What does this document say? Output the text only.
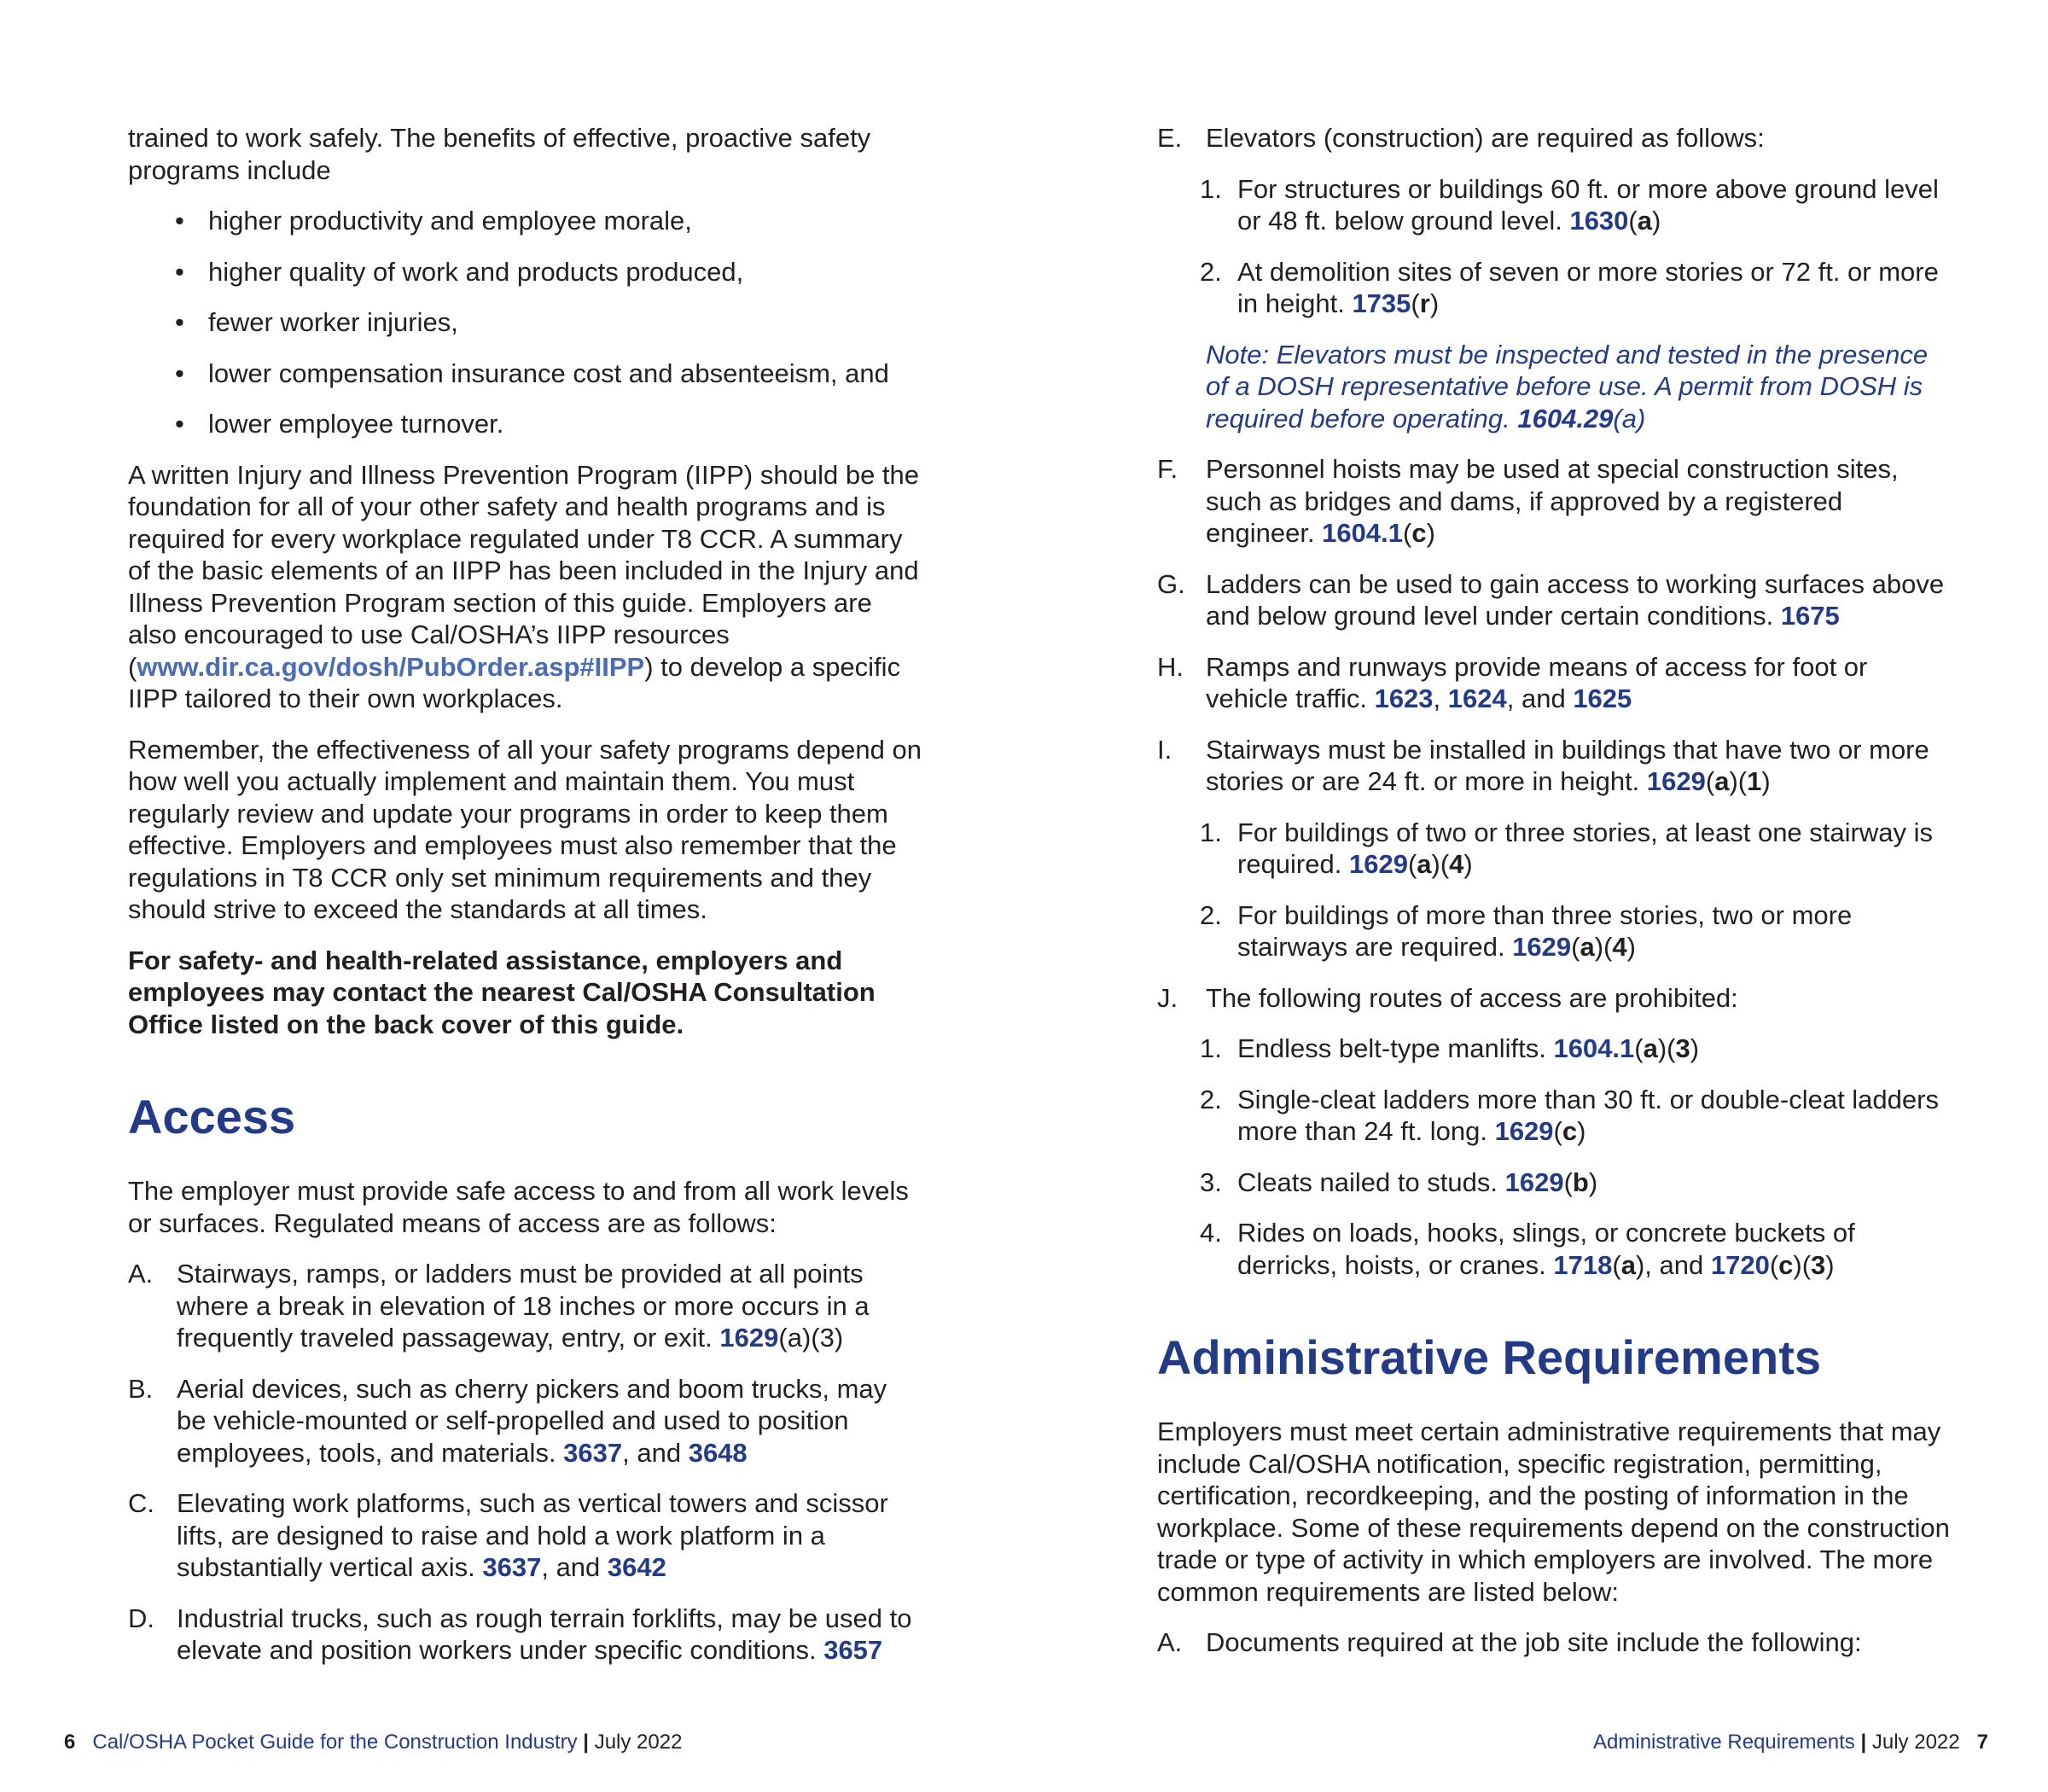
trained to work safely. The benefits of effective, proactive safety programs include

• higher productivity and employee morale,
• higher quality of work and products produced,
• fewer worker injuries,
• lower compensation insurance cost and absenteeism, and
• lower employee turnover.

A written Injury and Illness Prevention Program (IIPP) should be the foundation for all of your other safety and health programs and is required for every workplace regulated under T8 CCR. A summary of the basic elements of an IIPP has been included in the Injury and Illness Prevention Program section of this guide. Employers are also encouraged to use Cal/OSHA’s IIPP resources (www.dir.ca.gov/dosh/PubOrder.asp#IIPP) to develop a specific IIPP tailored to their own workplaces.

Remember, the effectiveness of all your safety programs depend on how well you actually implement and maintain them. You must regularly review and update your programs in order to keep them effective. Employers and employees must also remember that the regulations in T8 CCR only set minimum requirements and they should strive to exceed the standards at all times.

For safety- and health-related assistance, employers and employees may contact the nearest Cal/OSHA Consultation Office listed on the back cover of this guide.

Access

The employer must provide safe access to and from all work levels or surfaces. Regulated means of access are as follows:

A. Stairways, ramps, or ladders must be provided at all points where a break in elevation of 18 inches or more occurs in a frequently traveled passageway, entry, or exit. 1629(a)(3)
B. Aerial devices, such as cherry pickers and boom trucks, may be vehicle-mounted or self-propelled and used to position employees, tools, and materials. 3637, and 3648
C. Elevating work platforms, such as vertical towers and scissor lifts, are designed to raise and hold a work platform in a substantially vertical axis. 3637, and 3642
D. Industrial trucks, such as rough terrain forklifts, may be used to elevate and position workers under specific conditions. 3657
E. Elevators (construction) are required as follows:
1. For structures or buildings 60 ft. or more above ground level or 48 ft. below ground level. 1630(a)
2. At demolition sites of seven or more stories or 72 ft. or more in height. 1735(r)
Note: Elevators must be inspected and tested in the presence of a DOSH representative before use. A permit from DOSH is required before operating. 1604.29(a)
F. Personnel hoists may be used at special construction sites, such as bridges and dams, if approved by a registered engineer. 1604.1(c)
G. Ladders can be used to gain access to working surfaces above and below ground level under certain conditions. 1675
H. Ramps and runways provide means of access for foot or vehicle traffic. 1623, 1624, and 1625
I. Stairways must be installed in buildings that have two or more stories or are 24 ft. or more in height. 1629(a)(1)
1. For buildings of two or three stories, at least one stairway is required. 1629(a)(4)
2. For buildings of more than three stories, two or more stairways are required. 1629(a)(4)
J. The following routes of access are prohibited:
1. Endless belt-type manlifts. 1604.1(a)(3)
2. Single-cleat ladders more than 30 ft. or double-cleat ladders more than 24 ft. long. 1629(c)
3. Cleats nailed to studs. 1629(b)
4. Rides on loads, hooks, slings, or concrete buckets of derricks, hoists, or cranes. 1718(a), and 1720(c)(3)
Administrative Requirements

Employers must meet certain administrative requirements that may include Cal/OSHA notification, specific registration, permitting, certification, recordkeeping, and the posting of information in the workplace. Some of these requirements depend on the construction trade or type of activity in which employers are involved. The more common requirements are listed below:

A. Documents required at the job site include the following:
6 Cal/OSHA Pocket Guide for the Construction Industry | July 2022	Administrative Requirements | July 2022 7
